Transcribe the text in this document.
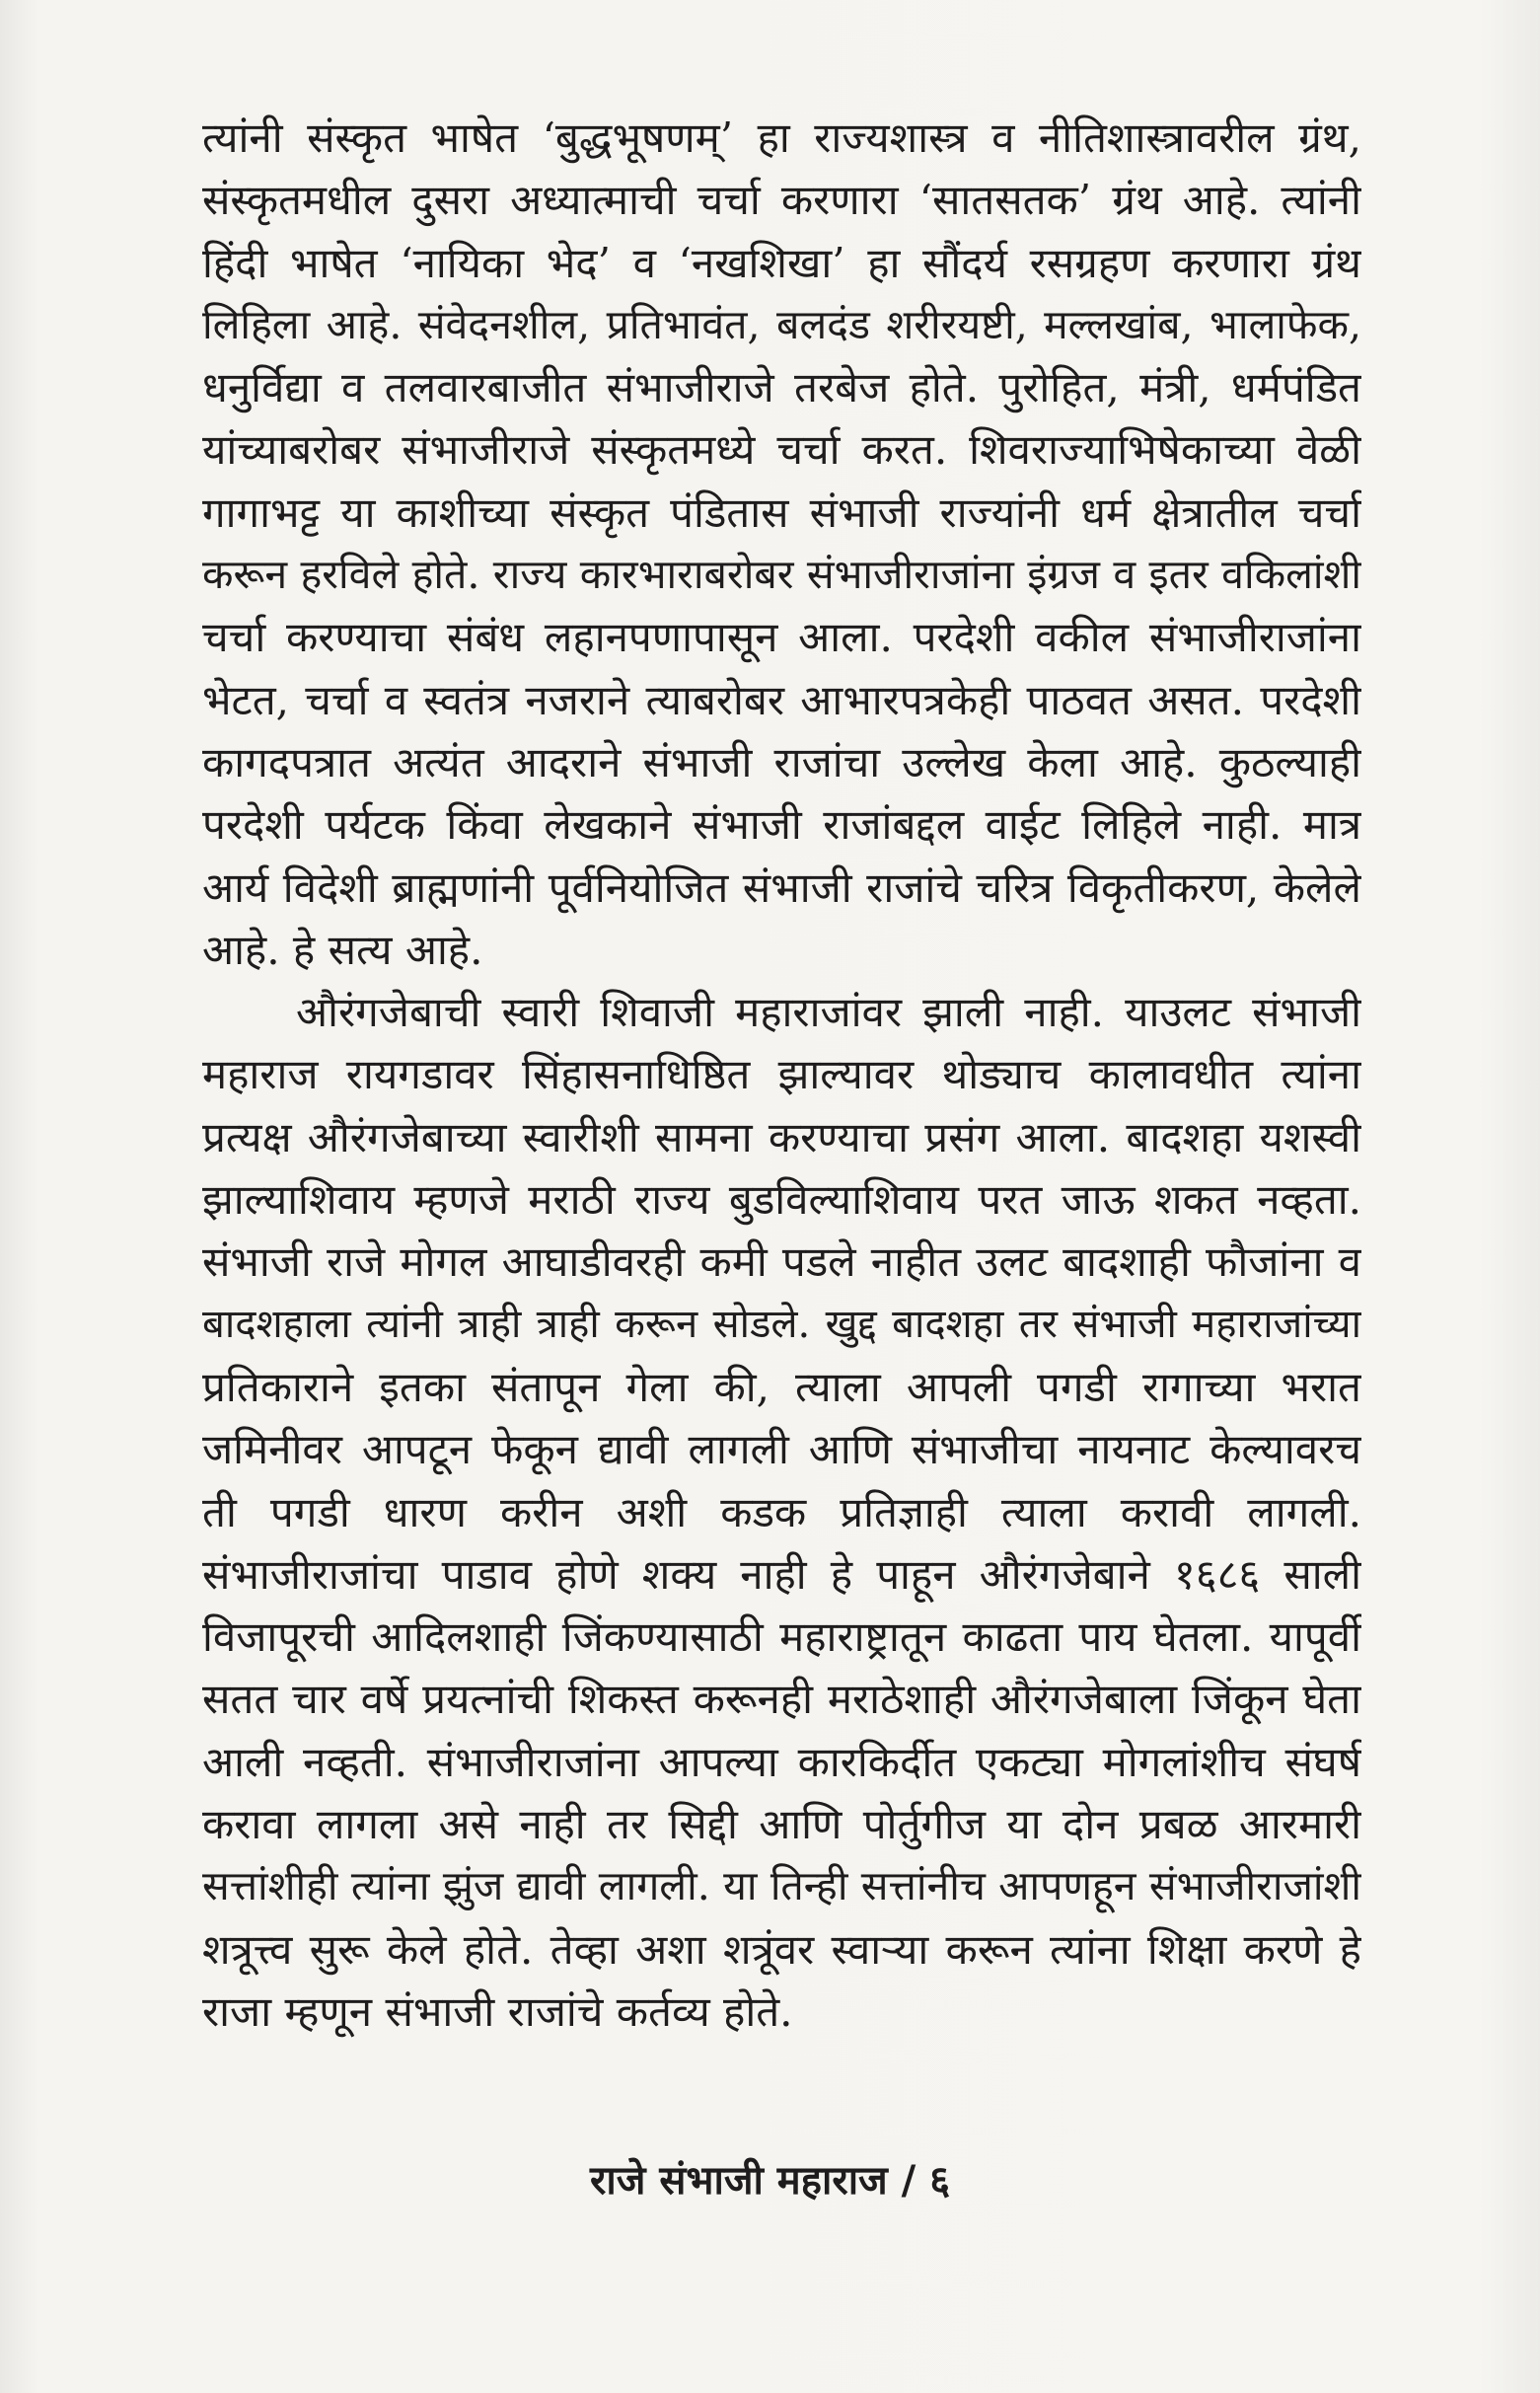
त्यांनी संस्कृत भाषेत ‘बुद्धभूषणम्’ हा राज्यशास्त्र व नीतिशास्त्रावरील ग्रंथ,
संस्कृतमधील दुसरा अध्यात्माची चर्चा करणारा ‘सातसतक’ ग्रंथ आहे. त्यांनी
हिंदी भाषेत ‘नायिका भेद’ व ‘नखशिखा’ हा सौंदर्य रसग्रहण करणारा ग्रंथ
लिहिला आहे. संवेदनशील, प्रतिभावंत, बलदंड शरीरयष्टी, मल्लखांब, भालाफेक,
धनुर्विद्या व तलवारबाजीत संभाजीराजे तरबेज होते. पुरोहित, मंत्री, धर्मपंडित
यांच्याबरोबर संभाजीराजे संस्कृतमध्ये चर्चा करत. शिवराज्याभिषेकाच्या वेळी
गागाभट्ट या काशीच्या संस्कृत पंडितास संभाजी राज्यांनी धर्म क्षेत्रातील चर्चा
करून हरविले होते. राज्य कारभाराबरोबर संभाजीराजांना इंग्रज व इतर वकिलांशी
चर्चा करण्याचा संबंध लहानपणापासून आला. परदेशी वकील संभाजीराजांना
भेटत, चर्चा व स्वतंत्र नजराने त्याबरोबर आभारपत्रकेही पाठवत असत. परदेशी
कागदपत्रात अत्यंत आदराने संभाजी राजांचा उल्लेख केला आहे. कुठल्याही
परदेशी पर्यटक किंवा लेखकाने संभाजी राजांबद्दल वाईट लिहिले नाही. मात्र
आर्य विदेशी ब्राह्मणांनी पूर्वनियोजित संभाजी राजांचे चरित्र विकृतीकरण, केलेले
आहे. हे सत्य आहे.
औरंगजेबाची स्वारी शिवाजी महाराजांवर झाली नाही. याउलट संभाजी
महाराज रायगडावर सिंहासनाधिष्ठित झाल्यावर थोड्याच कालावधीत त्यांना
प्रत्यक्ष औरंगजेबाच्या स्वारीशी सामना करण्याचा प्रसंग आला. बादशहा यशस्वी
झाल्याशिवाय म्हणजे मराठी राज्य बुडविल्याशिवाय परत जाऊ शकत नव्हता.
संभाजी राजे मोगल आघाडीवरही कमी पडले नाहीत उलट बादशाही फौजांना व
बादशहाला त्यांनी त्राही त्राही करून सोडले. खुद्द बादशहा तर संभाजी महाराजांच्या
प्रतिकाराने इतका संतापून गेला की, त्याला आपली पगडी रागाच्या भरात
जमिनीवर आपटून फेकून द्यावी लागली आणि संभाजीचा नायनाट केल्यावरच
ती पगडी धारण करीन अशी कडक प्रतिज्ञाही त्याला करावी लागली.
संभाजीराजांचा पाडाव होणे शक्य नाही हे पाहून औरंगजेबाने १६८६ साली
विजापूरची आदिलशाही जिंकण्यासाठी महाराष्ट्रातून काढता पाय घेतला. यापूर्वी
सतत चार वर्षे प्रयत्नांची शिकस्त करूनही मराठेशाही औरंगजेबाला जिंकून घेता
आली नव्हती. संभाजीराजांना आपल्या कारकिर्दीत एकट्या मोगलांशीच संघर्ष
करावा लागला असे नाही तर सिद्दी आणि पोर्तुगीज या दोन प्रबळ आरमारी
सत्तांशीही त्यांना झुंज द्यावी लागली. या तिन्ही सत्तांनीच आपणहून संभाजीराजांशी
शत्रूत्त्व सुरू केले होते. तेव्हा अशा शत्रूंवर स्वाऱ्या करून त्यांना शिक्षा करणे हे
राजा म्हणून संभाजी राजांचे कर्तव्य होते.
राजे संभाजी महाराज / ६
